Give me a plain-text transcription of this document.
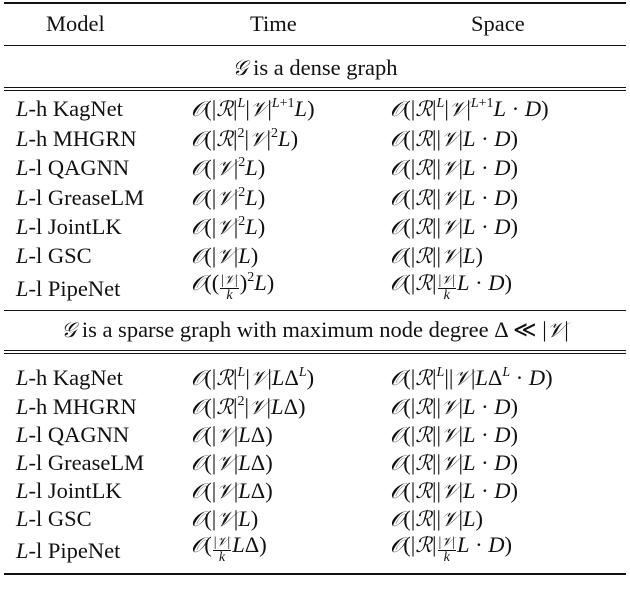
Model	Time	Space
𝒢 is a dense graph
L-h KagNet	$𝒪(|ℛ|^L|𝒱|^{L+1}L)$	$𝒪(|ℛ|^L|𝒱|^{L+1}L \cdot D)$
L-h MHGRN	$𝒪(|ℛ|^2|𝒱|^2L)$	𝒪(|ℛ||𝒱|L · D)
L-l QAGNN	$𝒪(|𝒱|^2L)$	𝒪(|ℛ||𝒱|L · D)
L-l GreaseLM $𝒪(|𝒱|^2L)$	𝒪(|ℛ||𝒱|L · D)
L-l JointLK	$𝒪(|𝒱|^2L)$	𝒪(|ℛ||𝒱|L · D)
L-l GSC	𝒪(|𝒱|L)	𝒪(|ℛ||𝒱|L)
L-l PipeNet	𝒪(( $\frac{\text{|𝒱|}}{k} )^2L$)	𝒪(|ℛ| $\frac{\text{|𝒱|}}{k}$ L · D)
𝒢 is a sparse graph with maximum node degree Δ ≪ |𝒱|
L-h KagNet	$𝒪(|ℛ|^L|𝒱|L\Delta^L)$	$𝒪(|ℛ|^L||𝒱|L\Delta^L \cdot D)$
L-h MHGRN	$𝒪(|ℛ|^2|𝒱|L\Delta)$	𝒪(|ℛ||𝒱|L · D)
L-l QAGNN	𝒪(|𝒱|LΔ)	𝒪(|ℛ||𝒱|L · D)
L-l GreaseLM 𝒪(|𝒱|LΔ)	𝒪(|ℛ||𝒱|L · D)
L-l JointLK	𝒪(|𝒱|LΔ)	𝒪(|ℛ||𝒱|L · D)
L-l GSC	𝒪(|𝒱|L)	𝒪(|ℛ||𝒱|L)
L-l PipeNet	𝒪( $\frac{\text{|𝒱|}}{k} L\Delta$)	𝒪(|ℛ| $\frac{\text{|𝒱|}}{k}$ L · D)
